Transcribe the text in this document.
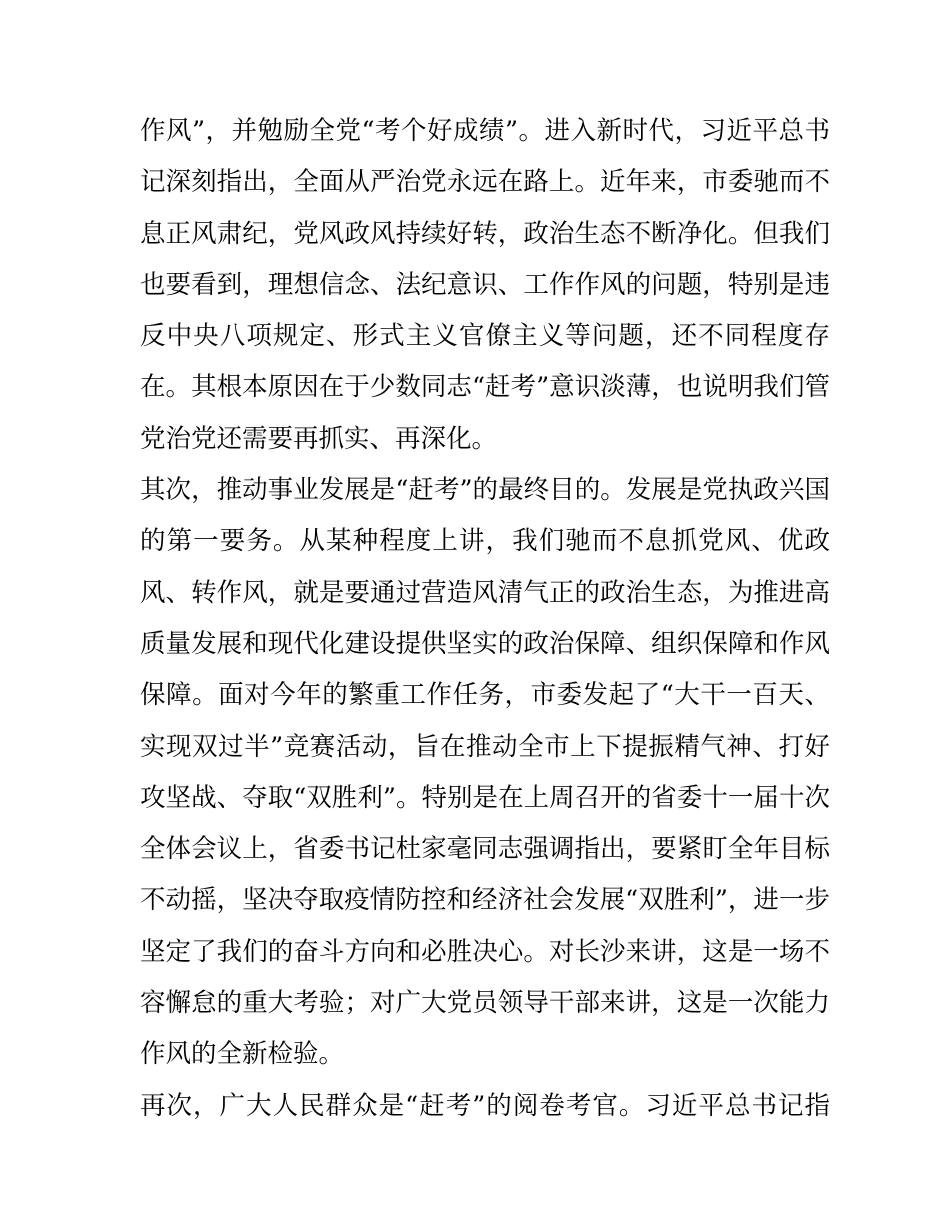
作风”，并勉励全党“考个好成绩”。进入新时代，习近平总书
记深刻指出，全面从严治党永远在路上。近年来，市委驰而不
息正风肃纪，党风政风持续好转，政治生态不断净化。但我们
也要看到，理想信念、法纪意识、工作作风的问题，特别是违
反中央八项规定、形式主义官僚主义等问题，还不同程度存
在。其根本原因在于少数同志“赶考”意识淡薄，也说明我们管
党治党还需要再抓实、再深化。
其次，推动事业发展是“赶考”的最终目的。发展是党执政兴国
的第一要务。从某种程度上讲，我们驰而不息抓党风、优政
风、转作风，就是要通过营造风清气正的政治生态，为推进高
质量发展和现代化建设提供坚实的政治保障、组织保障和作风
保障。面对今年的繁重工作任务，市委发起了“大干一百天、
实现双过半”竞赛活动，旨在推动全市上下提振精气神、打好
攻坚战、夺取“双胜利”。特别是在上周召开的省委十一届十次
全体会议上，省委书记杜家毫同志强调指出，要紧盯全年目标
不动摇，坚决夺取疫情防控和经济社会发展“双胜利”，进一步
坚定了我们的奋斗方向和必胜决心。对长沙来讲，这是一场不
容懈怠的重大考验；对广大党员领导干部来讲，这是一次能力
作风的全新检验。
再次，广大人民群众是“赶考”的阅卷考官。习近平总书记指
